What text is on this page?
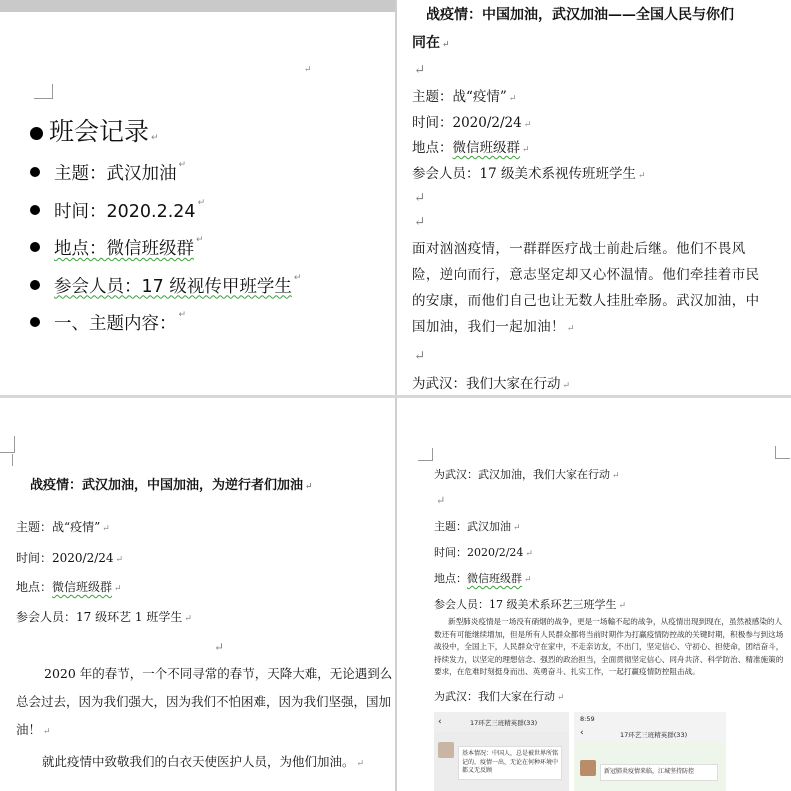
↵
班会记录 ↵
主题：武汉加油 ↵
时间：2020.2.24 ↵
地点：微信班级群 ↵
参会人员：17 级视传甲班学生 ↵
一、主题内容： ↵
战疫情：中国加油，武汉加油——全国人民与你们
同在 ↵
↵
主题：战“疫情” ↵
时间：2020/2/24 ↵
地点：微信班级群 ↵
参会人员：17 级美术系视传班班学生 ↵
↵
↵
面对汹汹疫情，一群群医疗战士前赴后继。他们不畏风险，逆向而行，意志坚定却又心怀温情。他们牵挂着市民的安康，而他们自己也让无数人挂肚牵肠。武汉加油，中国加油，我们一起加油！ ↵
↵
为武汉：我们大家在行动 ↵
战疫情：武汉加油，中国加油，为逆行者们加油 ↵
主题：战“疫情” ↵
时间：2020/2/24 ↵
地点：微信班级群 ↵
参会人员：17 级环艺 1 班学生 ↵
↵
2020 年的春节，一个不同寻常的春节，天降大难，无论遇到么总会过去，因为我们强大，因为我们不怕困难，因为我们坚强，国加油！ ↵
就此疫情中致敬我们的白衣天使医护人员，为他们加油。 ↵
为武汉：武汉加油，我们大家在行动 ↵
↵
主题：武汉加油 ↵
时间：2020/2/24 ↵
地点：微信班级群 ↵
参会人员：17 级美术系环艺三班学生 ↵
新型肺炎疫情是一场没有硝烟的战争，更是一场輸不起的战争，从疫情出现到现在，虽然被感染的人数还有可能继续增加，但是所有人民群众都将当前时期作为打赢疫情防控战的关键时期，积极参与到这场战役中，全国上下，人民群众守在家中，不走亲访友，不出门，坚定信心、守初心、担使命，团结奋斗，持续发力，以坚定的理想信念、强烈的政治担当，全面贯彻坚定信心、同舟共济、科学防治、精准施策的要求，在危难时刻挺身而出、英勇奋斗、扎实工作，一起打赢疫情防控阻击战。
为武汉：我们大家在行动 ↵
‹	17环艺三班精英群(33)
基本情况：中国人，总是被世界所铭记的，疫情一出，无论在何种环境中都义无反顾
8:59
‹	17环艺三班精英群(33)
新冠肺炎疫情来临，江城坚持防控
